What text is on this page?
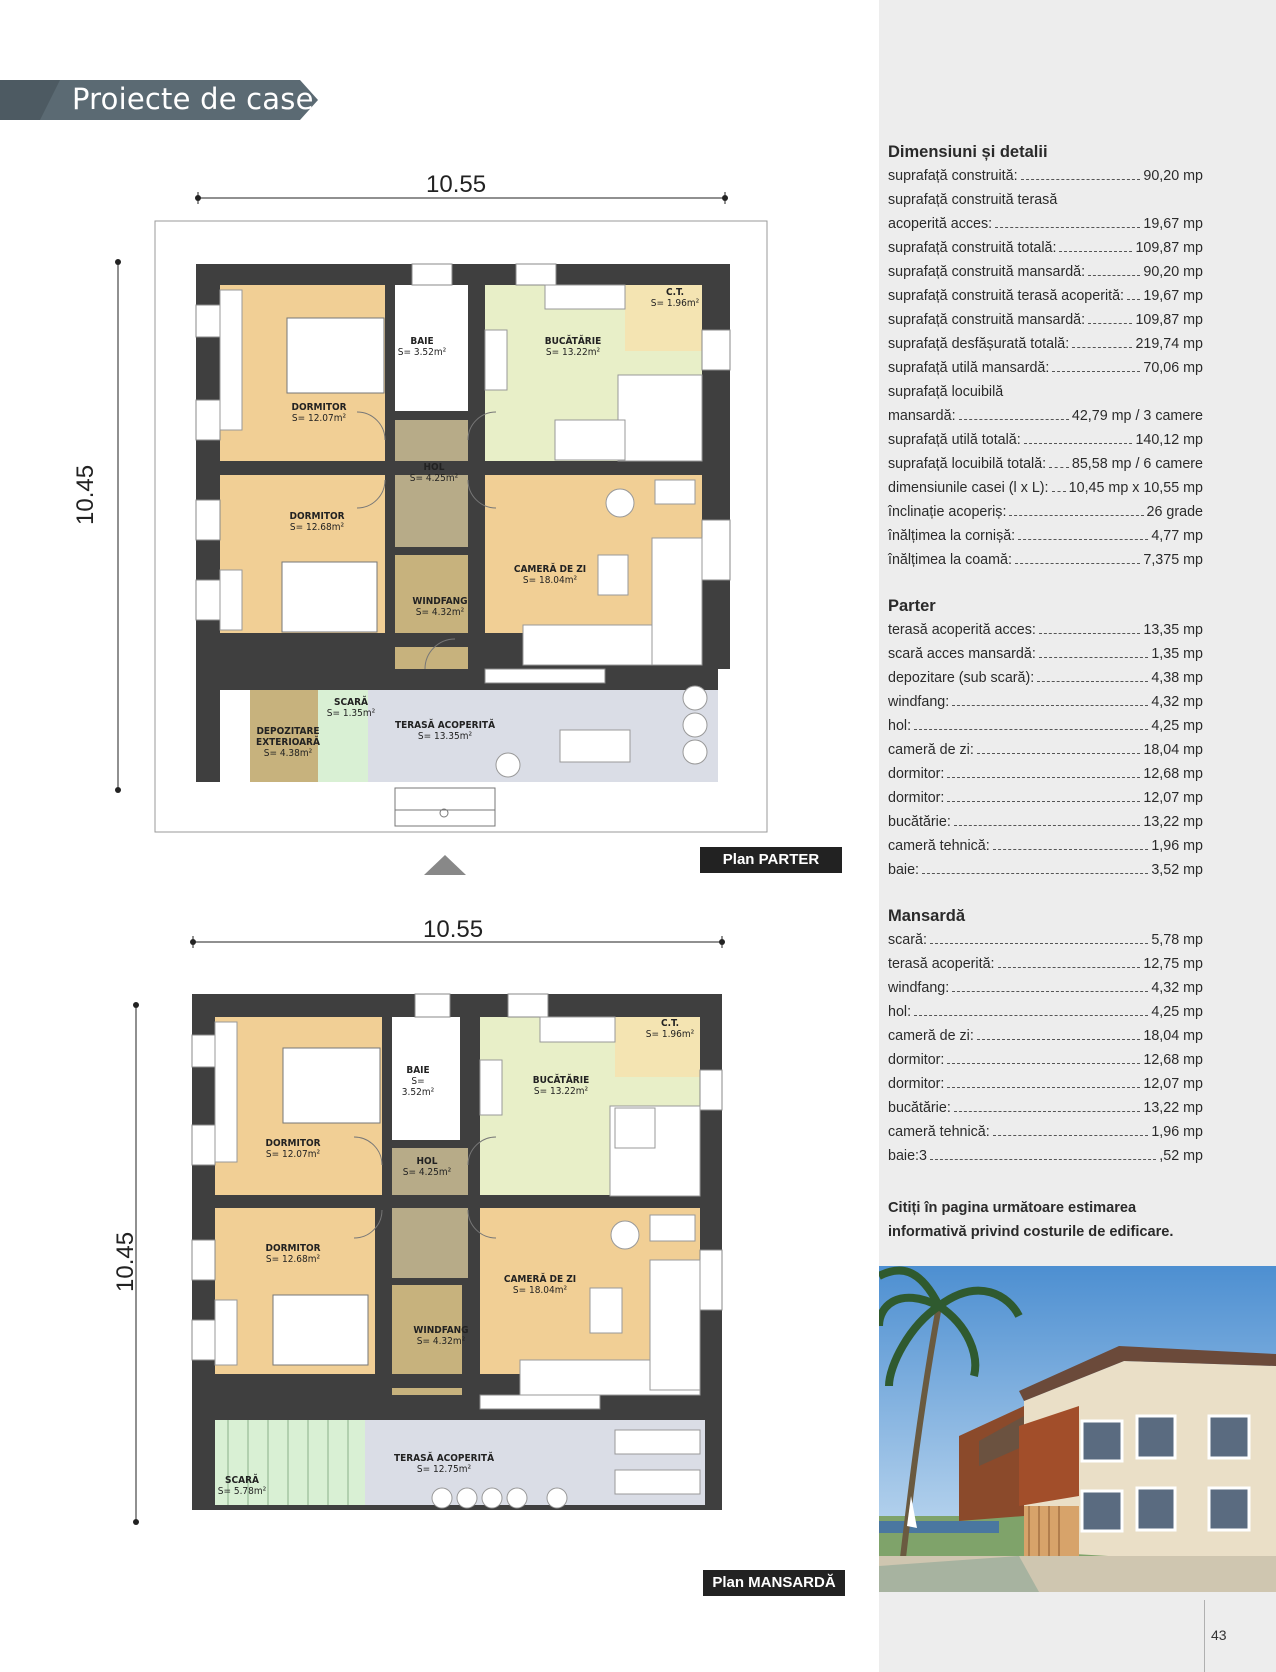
Proiecte de case
10.55
10.45
DORMITOR
S= 12.07m²
BAIE
S= 3.52m²
BUCĂTĂRIE
S= 13.22m²
C.T.
S= 1.96m²
HOL
S= 4.25m²
DORMITOR
S= 12.68m²
WINDFANG
S= 4.32m²
CAMERĂ DE ZI
S= 18.04m²
SCARĂ
S= 1.35m²
DEPOZITARE EXTERIOARĂ
S= 4.38m²
TERASĂ ACOPERITĂ
S= 13.35m²
Plan PARTER
10.55
10.45
DORMITOR
S= 12.07m²
BAIE
S= 3.52m²
BUCĂTĂRIE
S= 13.22m²
C.T.
S= 1.96m²
HOL
S= 4.25m²
DORMITOR
S= 12.68m²
WINDFANG
S= 4.32m²
CAMERĂ DE ZI
S= 18.04m²
TERASĂ ACOPERITĂ
S= 12.75m²
SCARĂ
S= 5.78m²
Plan MANSARDĂ
Dimensiuni și detalii
suprafață construită:	90,20 mp
suprafață construită terasă
acoperită acces:	19,67 mp
suprafață construită totală:	109,87 mp
suprafață construită mansardă:	90,20 mp
suprafață construită terasă acoperită: 19,67 mp
suprafață construită mansardă:	109,87 mp
suprafață desfășurată totală:	219,74 mp
suprafață utilă mansardă:	70,06 mp
suprafață locuibilă
mansardă:	42,79 mp / 3 camere
suprafață utilă totală:	140,12 mp
suprafață locuibilă totală: 85,58 mp / 6 camere
dimensiunile casei (l x L): 10,45 mp x 10,55 mp
înclinație acoperiș:	26 grade
înălțimea la cornișă:	4,77 mp
înălțimea la coamă:	7,375 mp
Parter
terasă acoperită acces:	13,35 mp
scară acces mansardă:	1,35 mp
depozitare (sub scară):	4,38 mp
windfang:	4,32 mp
hol:	4,25 mp
cameră de zi:	18,04 mp
dormitor:	12,68 mp
dormitor:	12,07 mp
bucătărie:	13,22 mp
cameră tehnică:	1,96 mp
baie:	3,52 mp
Mansardă
scară:	5,78 mp
terasă acoperită:	12,75 mp
windfang:	4,32 mp
hol:	4,25 mp
cameră de zi:	18,04 mp
dormitor:	12,68 mp
dormitor:	12,07 mp
bucătărie:	13,22 mp
cameră tehnică:	1,96 mp
baie:3	,52 mp
Citiți în pagina următoare estimarea informativă privind costurile de edificare.
43
